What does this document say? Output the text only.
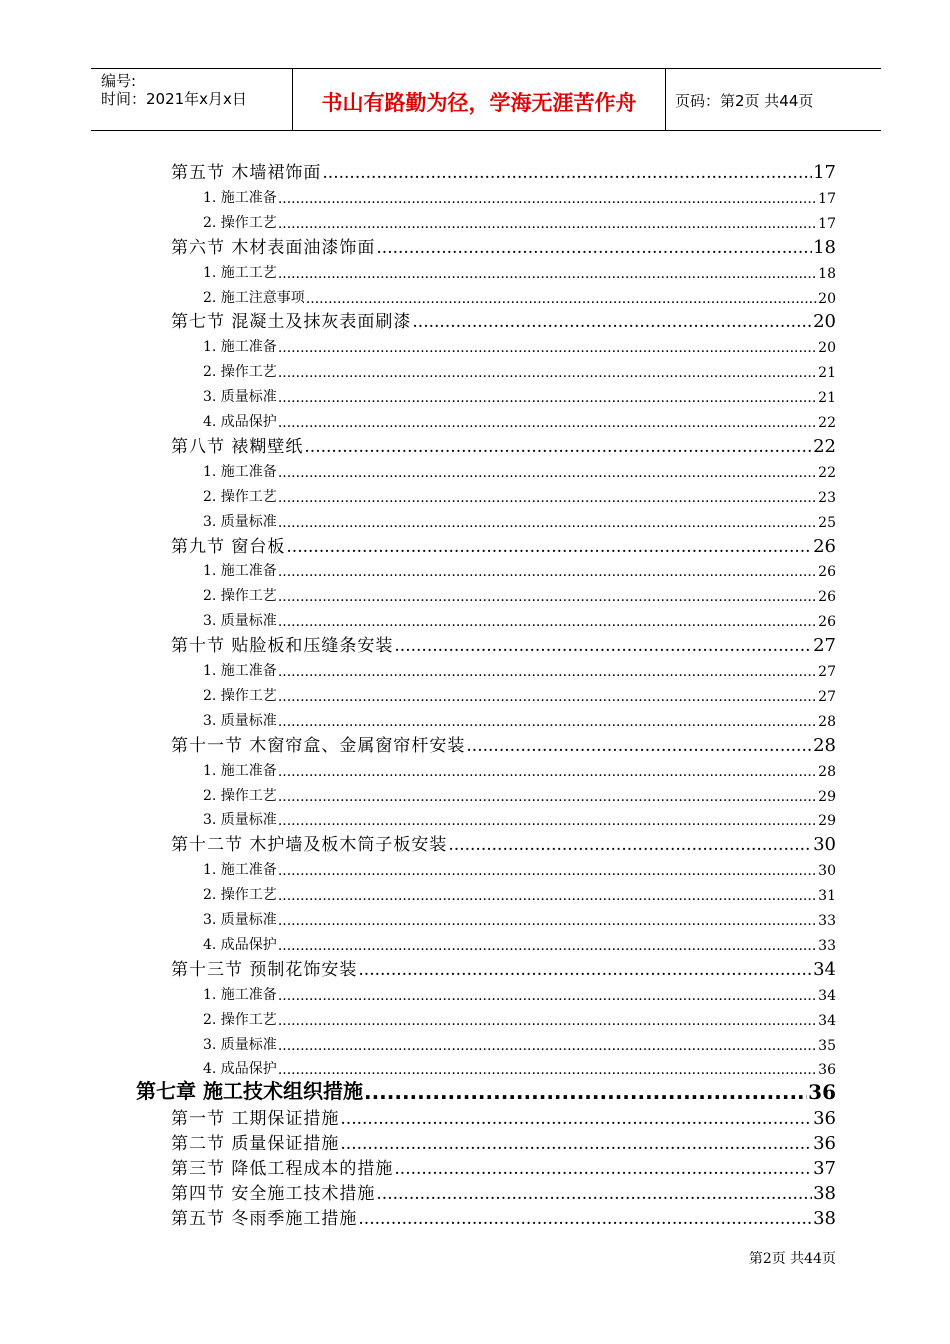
编号:
时间：2021年x月x日	书山有路勤为径，学海无涯苦作舟	页码：第2页 共44页
第五节 木墙裙饰面 .....	17
1. 施工准备 .....	17
2. 操作工艺 .....	17
第六节 木材表面油漆饰面 .....	18
1. 施工工艺 .....	18
2. 施工注意事项 .....	20
第七节 混凝土及抹灰表面刷漆 .....	20
1. 施工准备 .....	20
2. 操作工艺 .....	21
3. 质量标准 .....	21
4. 成品保护 .....	22
第八节 裱糊壁纸 .....	22
1. 施工准备 .....	22
2. 操作工艺 .....	23
3. 质量标准 .....	25
第九节 窗台板 .....	26
1. 施工准备 .....	26
2. 操作工艺 .....	26
3. 质量标准 .....	26
第十节 贴脸板和压缝条安装 .....	27
1. 施工准备 .....	27
2. 操作工艺 .....	27
3. 质量标准 .....	28
第十一节 木窗帘盒、金属窗帘杆安装 .....	28
1. 施工准备 .....	28
2. 操作工艺 .....	29
3. 质量标准 .....	29
第十二节 木护墙及板木筒子板安装 .....	30
1. 施工准备 .....	30
2. 操作工艺 .....	31
3. 质量标准 .....	33
4. 成品保护 .....	33
第十三节 预制花饰安装 .....	34
1. 施工准备 .....	34
2. 操作工艺 .....	34
3. 质量标准 .....	35
4. 成品保护 .....	36
第七章 施工技术组织措施 .....	36
第一节 工期保证措施 .....	36
第二节 质量保证措施 .....	36
第三节 降低工程成本的措施 .....	37
第四节 安全施工技术措施 .....	38
第五节 冬雨季施工措施 .....	38
第2页 共44页
